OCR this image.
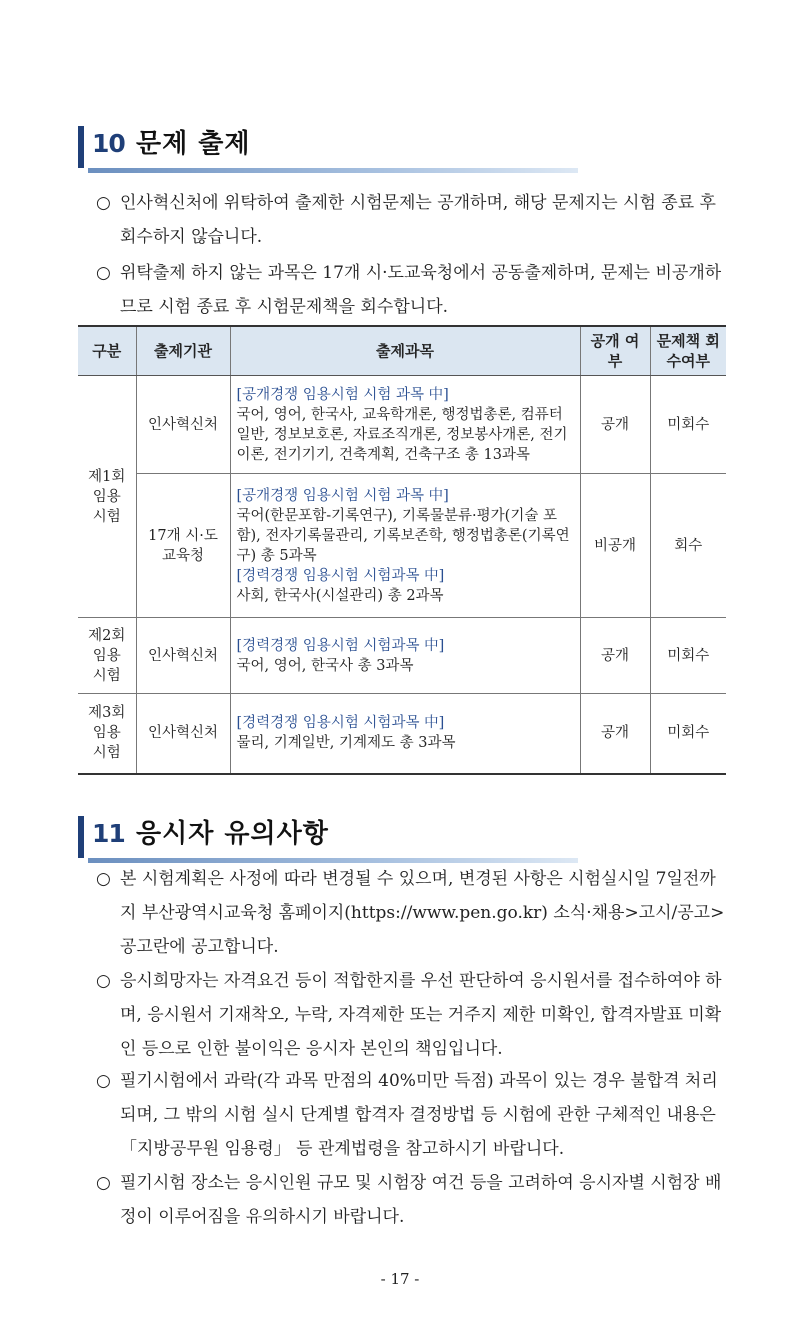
10 문제 출제
○ 인사혁신처에 위탁하여 출제한 시험문제는 공개하며, 해당 문제지는 시험 종료 후 회수하지 않습니다.
○ 위탁출제 하지 않는 과목은 17개 시·도교육청에서 공동출제하며, 문제는 비공개하므로 시험 종료 후 시험문제책을 회수합니다.
구분	출제기관	출제과목	공개 여부	문제책 회수여부
제1회 임용 시험	인사혁신처	[공개경쟁 임용시험 시험 과목 中]
국어, 영어, 한국사, 교육학개론, 행정법총론, 컴퓨터일반, 정보보호론, 자료조직개론, 정보봉사개론, 전기이론, 전기기기, 건축계획, 건축구조 총 13과목	공개	미회수
	17개 시·도교육청	[공개경쟁 임용시험 시험 과목 中]
국어(한문포함-기록연구), 기록물분류·평가(기술 포함), 전자기록물관리, 기록보존학, 행정법총론(기록연구) 총 5과목
[경력경쟁 임용시험 시험과목 中]
사회, 한국사(시설관리) 총 2과목	비공개	회수
제2회 임용 시험	인사혁신처	[경력경쟁 임용시험 시험과목 中]
국어, 영어, 한국사 총 3과목	공개	미회수
제3회 임용 시험	인사혁신처	[경력경쟁 임용시험 시험과목 中]
물리, 기계일반, 기계제도 총 3과목	공개	미회수
11 응시자 유의사항
○ 본 시험계획은 사정에 따라 변경될 수 있으며, 변경된 사항은 시험실시일 7일전까지 부산광역시교육청 홈페이지(https://www.pen.go.kr) 소식·채용>고시/공고>공고란에 공고합니다.
○ 응시희망자는 자격요건 등이 적합한지를 우선 판단하여 응시원서를 접수하여야 하며, 응시원서 기재착오, 누락, 자격제한 또는 거주지 제한 미확인, 합격자발표 미확인 등으로 인한 불이익은 응시자 본인의 책임입니다.
○ 필기시험에서 과락(각 과목 만점의 40%미만 득점) 과목이 있는 경우 불합격 처리되며, 그 밖의 시험 실시 단계별 합격자 결정방법 등 시험에 관한 구체적인 내용은 「지방공무원 임용령」 등 관계법령을 참고하시기 바랍니다.
○ 필기시험 장소는 응시인원 규모 및 시험장 여건 등을 고려하여 응시자별 시험장 배정이 이루어짐을 유의하시기 바랍니다.
- 17 -
